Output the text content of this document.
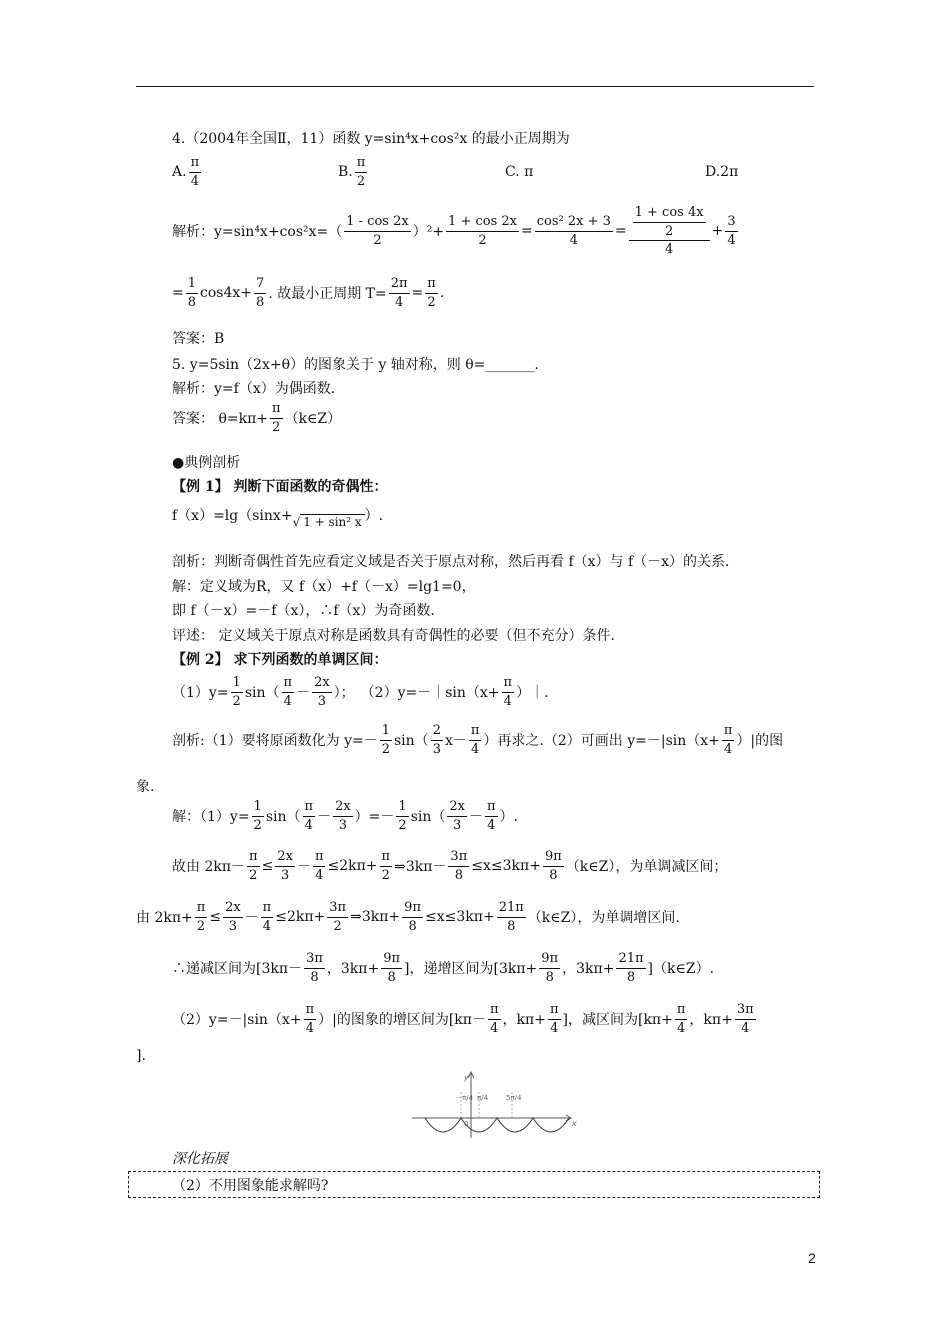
4.（2004年全国Ⅱ，11）函数 y=sin⁴x+cos²x 的最小正周期为
A. $\frac{\pi}{4}$	B. $\frac{\pi}{2}$	C. π	D.2π
解析： $y=\sin^4x+\cos^2x=( \frac{1 - \cos 2x}{2} )^2+ \frac{1 + \cos 2x}{2} = \frac{\text{cos² 2x + 3}}{4} = \frac{\frac{1 + \cos 4x}{2}}{4} + \frac{3}{4}$
= $\frac{1}{8} \cos 4x+ \frac{7}{8}$ . 故最小正周期 $T= \frac{2\pi}{4} = \frac{\pi}{2}$ .
答案：B
5. y=5sin（2x+θ）的图象关于 y 轴对称，则 θ=_______.
解析：y=f（x）为偶函数.
答案： $\theta=k\pi+ \frac{\pi}{2}$ （k∈Z）
●典例剖析
【例 1】 判断下面函数的奇偶性：
f（x）=lg（sinx+ √ 1 + sin² x ）.
剖析：判断奇偶性首先应看定义域是否关于原点对称，然后再看 f（x）与 f（－x）的关系.
解：定义域为R，又 f（x）+f（－x）=lg1=0，
即 f（－x）=－f（x），∴f（x）为奇函数.
评述： 定义域关于原点对称是函数具有奇偶性的必要（但不充分）条件.
【例 2】 求下列函数的单调区间：
$(1)y= \frac{1}{2} \sin( \frac{\pi}{4} - \frac{2x}{3}$ ）； （2）y=－｜sin（x+ $\frac{\pi}{4}$ ）｜.
剖析:（1）要将原函数化为 $y=- \frac{1}{2} \sin( \frac{2}{3} x- \frac{\pi}{4}$ ）再求之.（2）可画出 $y=-|\sin(x+ \frac{\pi}{4}$ ）|的图
象.
解：$(1)y= \frac{1}{2} \sin( \frac{\pi}{4} - \frac{2x}{3}$ ）=－ $\frac{1}{2} \sin( \frac{2x}{3} - \frac{\pi}{4}$ ）.
故由 $2k\pi- \frac{\pi}{2} \le \frac{2x}{3} - \frac{\pi}{4} \le 2k\pi+ \frac{\pi}{2}$ ⇒3kπ－ $\frac{3\pi}{8} \le x\le 3k\pi+ \frac{9\pi}{8}$ （k∈Z），为单调减区间；
由 $2k\pi+ \frac{\pi}{2} \le \frac{2x}{3} - \frac{\pi}{4} \le 2k\pi+ \frac{3\pi}{2}$ ⇒3kπ+ $\frac{9\pi}{8} \le x\le 3k\pi+ \frac{21\pi}{8}$ （k∈Z），为单调增区间.
∴递减区间为[$3k\pi- \frac{3\pi}{8}$ ，$3k\pi+ \frac{9\pi}{8}$ ]，递增区间为[$3k\pi+ \frac{9\pi}{8}$ ，$3k\pi+ \frac{21\pi}{8}$ ]（k∈Z）.
$(2)y=-|\sin(x+ \frac{\pi}{4}$ ）|的图象的增区间为[$k\pi- \frac{\pi}{4}$ ，$k\pi+ \frac{\pi}{4}$ ]，减区间为[$k\pi+ \frac{\pi}{4}$ ，$k\pi+ \frac{3\pi}{4}$
].
－π/4 π/4	5π/4
y
x
0
深化拓展
（2）不用图象能求解吗?
2
